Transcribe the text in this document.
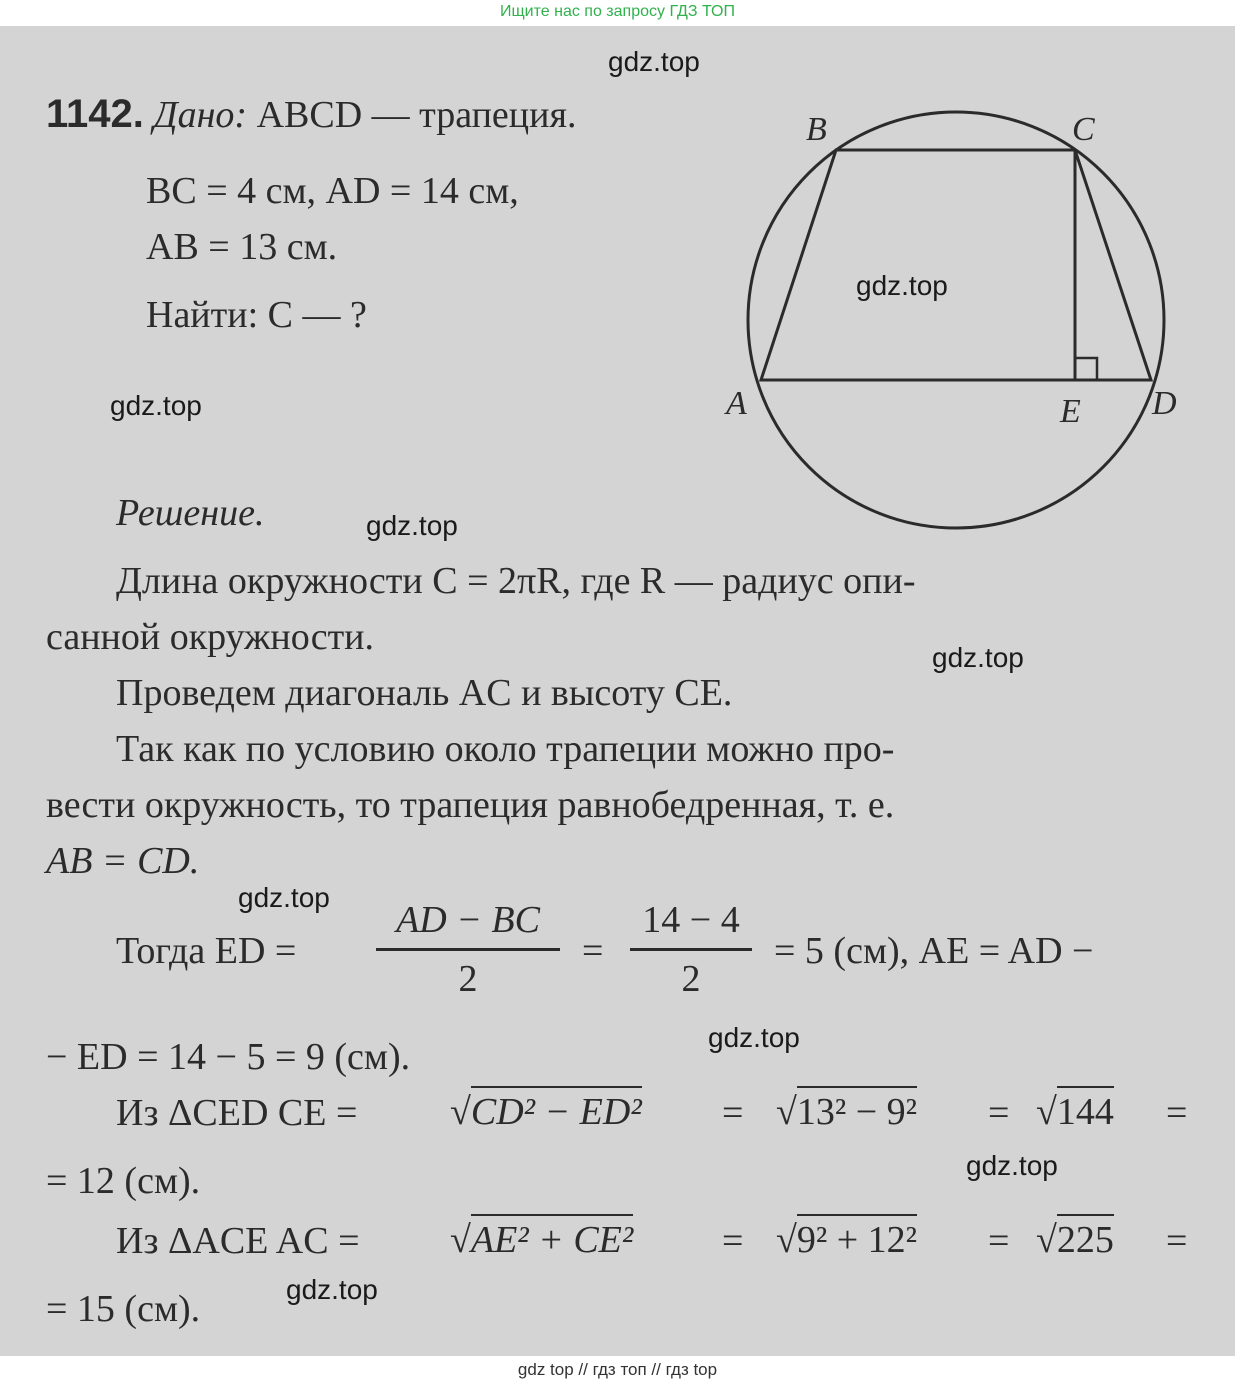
Ищите нас по запросу ГДЗ ТОП
1142. Дано: ABCD — трапеция.
BC = 4 см, AD = 14 см,
AB = 13 см.
Найти: C — ?
B	C
A	E D
Решение.
Длина окружности C = 2πR, где R — радиус опи-
санной окружности.
Проведем диагональ AC и высоту CE.
Так как по условию около трапеции можно про-
вести окружность, то трапеция равнобедренная, т. е.
AB = CD.
Тогда ED =
AD − BC
2
=
14 − 4
2
= 5 (см), AE = AD −
− ED = 14 − 5 = 9 (см).
Из ΔCED CE = √CD² − ED² = √13² − 9² = √144 =
= 12 (см).
Из ΔACE AC = √AE² + CE² = √9² + 12² = √225 =
= 15 (см).
gdz.top
gdz.top
gdz.top
gdz.top
gdz.top
gdz.top
gdz.top
gdz.top
gdz.top
gdz top // гдз топ // гдз top
